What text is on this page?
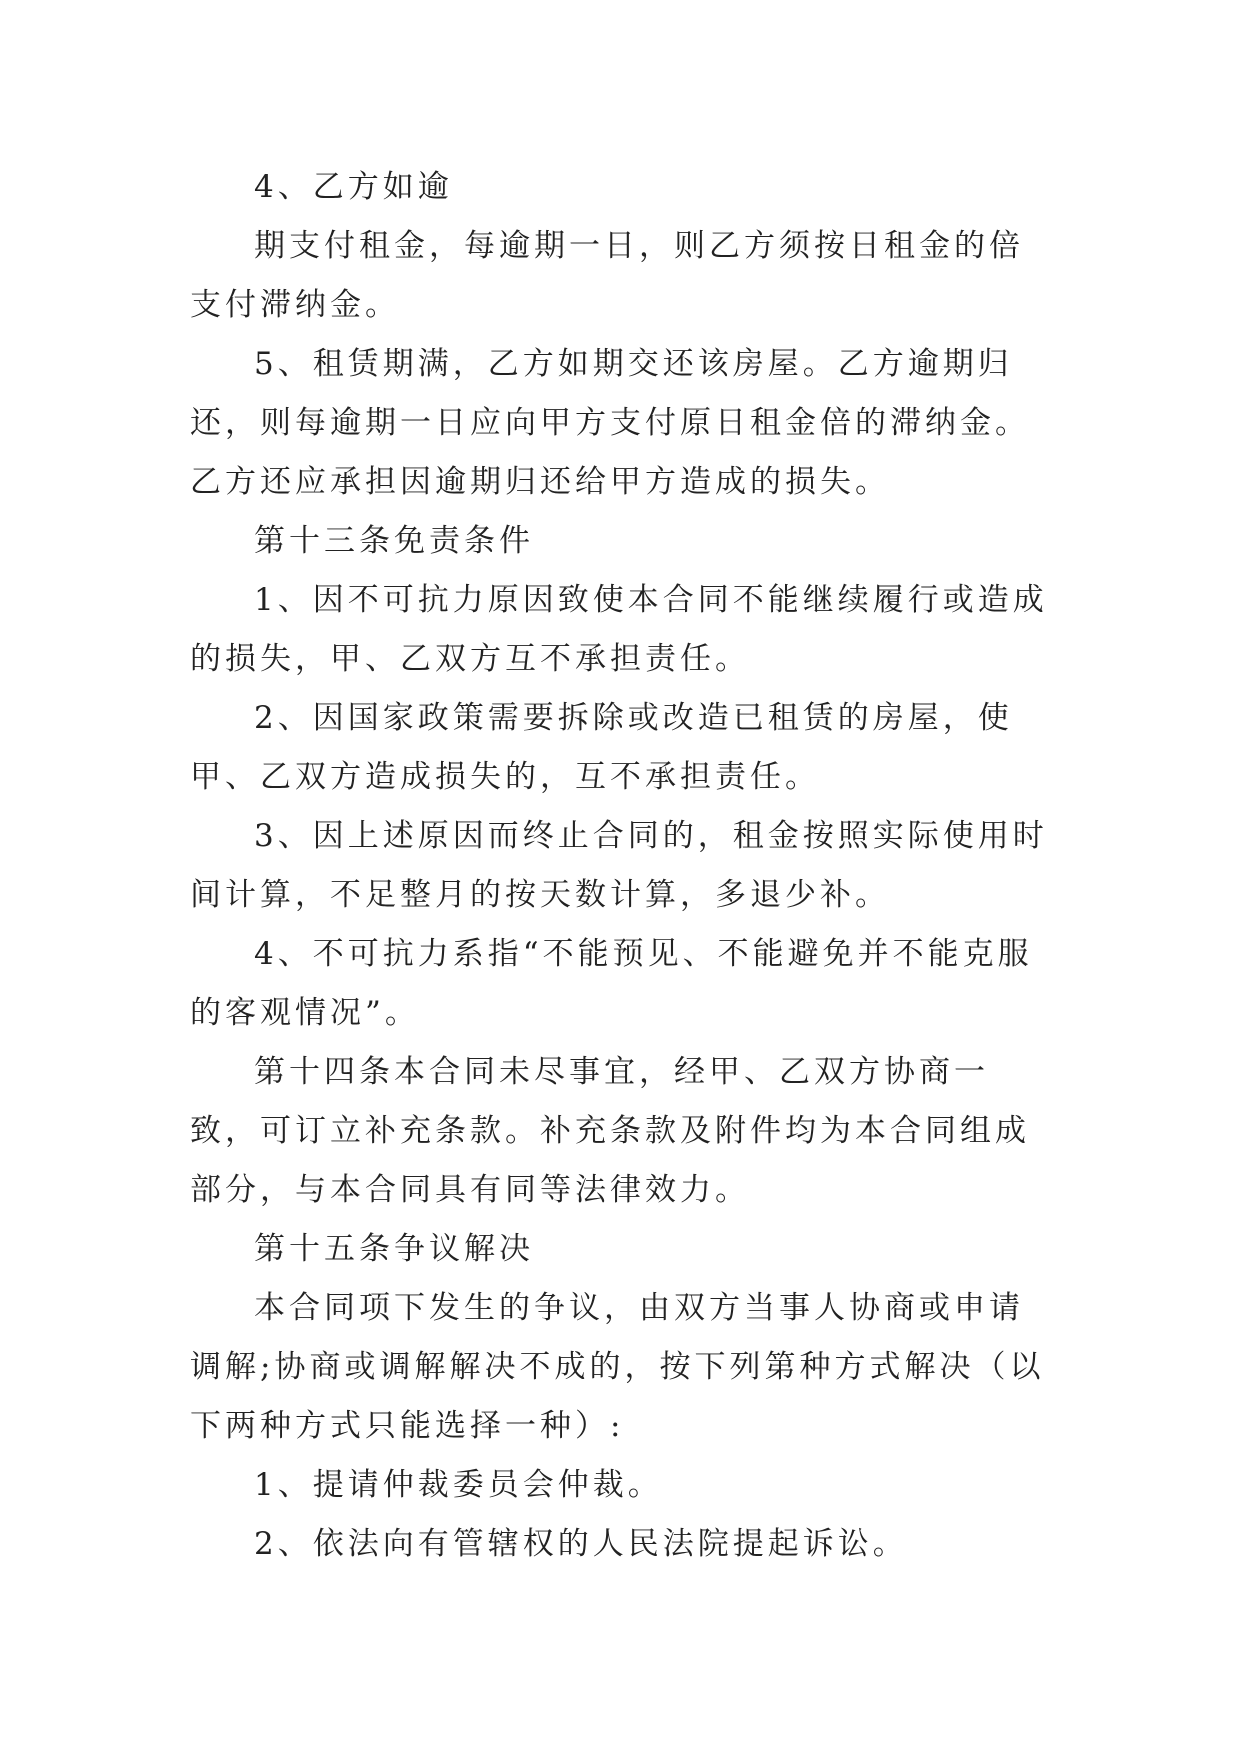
4、乙方如逾

期支付租金，每逾期一日，则乙方须按日租金的倍支付滞纳金。

5、租赁期满，乙方如期交还该房屋。乙方逾期归还，则每逾期一日应向甲方支付原日租金倍的滞纳金。乙方还应承担因逾期归还给甲方造成的损失。

第十三条免责条件

1、因不可抗力原因致使本合同不能继续履行或造成的损失，甲、乙双方互不承担责任。

2、因国家政策需要拆除或改造已租赁的房屋，使甲、乙双方造成损失的，互不承担责任。

3、因上述原因而终止合同的，租金按照实际使用时间计算，不足整月的按天数计算，多退少补。

4、不可抗力系指“不能预见、不能避免并不能克服的客观情况”。

第十四条本合同未尽事宜，经甲、乙双方协商一致，可订立补充条款。补充条款及附件均为本合同组成部分，与本合同具有同等法律效力。

第十五条争议解决

本合同项下发生的争议，由双方当事人协商或申请调解;协商或调解解决不成的，按下列第种方式解决（以下两种方式只能选择一种）:

1、提请仲裁委员会仲裁。

2、依法向有管辖权的人民法院提起诉讼。
